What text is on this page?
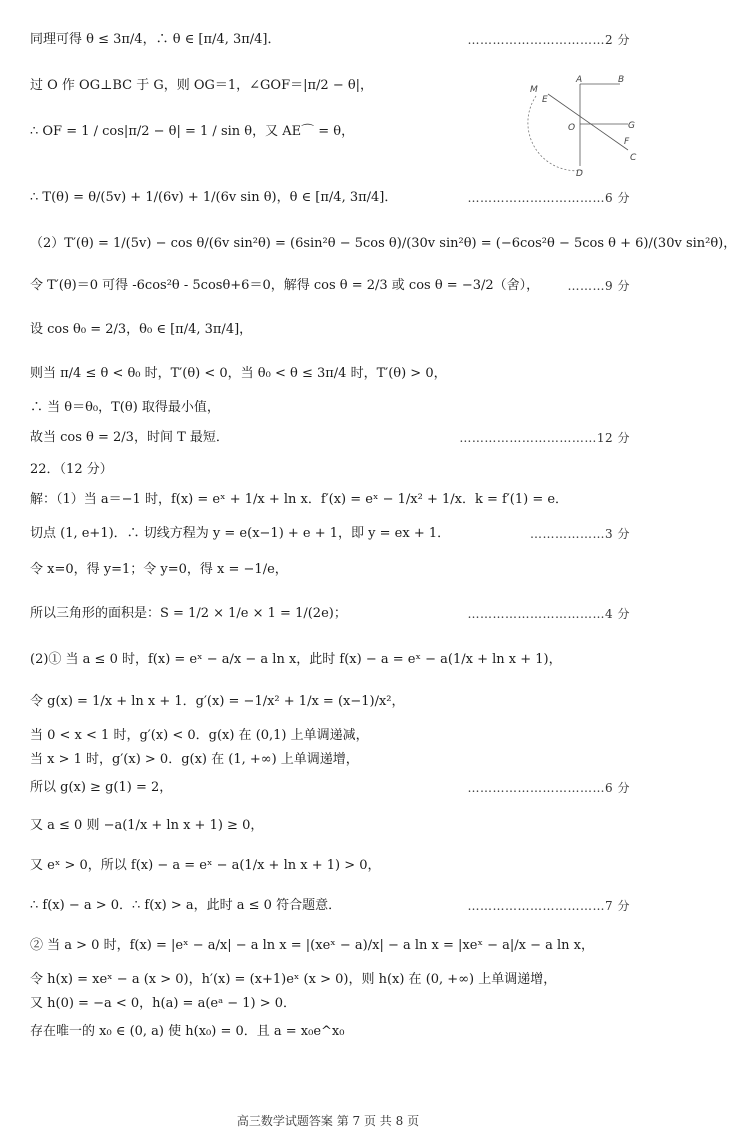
同理可得 θ ≤ 3π/4，∴ θ ∈ [π/4, 3π/4]．	……………………………2 分
过 O 作 OG⊥BC 于 G，则 OG＝1，∠GOF＝|π/2 − θ|，
∴ OF = 1 / cos|π/2 − θ| = 1 / sin θ，又 AE⌒ = θ，
∴ T(θ) = θ/(5v) + 1/(6v) + 1/(6v sin θ)，θ ∈ [π/4, 3π/4]．	……………………………6 分
（2）T′(θ) = 1/(5v) − cos θ/(6v sin²θ) = (6sin²θ − 5cos θ)/(30v sin²θ) = (−6cos²θ − 5cos θ + 6)/(30v sin²θ)，
令 T′(θ)＝0 可得 -6cos²θ - 5cosθ+6＝0，解得 cos θ = 2/3 或 cos θ = −3/2（舍）， ………9 分
设 cos θ₀ = 2/3，θ₀ ∈ [π/4, 3π/4]，
则当 π/4 ≤ θ < θ₀ 时，T′(θ) < 0，当 θ₀ < θ ≤ 3π/4 时，T′(θ) > 0，
∴ 当 θ＝θ₀，T(θ) 取得最小值，
故当 cos θ = 2/3，时间 T 最短．	……………………………12 分
22．（12 分）
解：（1）当 a＝−1 时，f(x) = eˣ + 1/x + ln x．f′(x) = eˣ − 1/x² + 1/x．k = f′(1) = e．
切点 (1, e+1)．∴ 切线方程为 y = e(x−1) + e + 1，即 y = ex + 1．	………………3 分
令 x=0，得 y=1；令 y=0，得 x = −1/e，
所以三角形的面积是：S = 1/2 × 1/e × 1 = 1/(2e)；	……………………………4 分
(2)① 当 a ≤ 0 时，f(x) = eˣ − a/x − a ln x，此时 f(x) − a = eˣ − a(1/x + ln x + 1)，
令 g(x) = 1/x + ln x + 1．g′(x) = −1/x² + 1/x = (x−1)/x²，
当 0 < x < 1 时，g′(x) < 0．g(x) 在 (0,1) 上单调递减，
当 x > 1 时，g′(x) > 0．g(x) 在 (1, +∞) 上单调递增，
所以 g(x) ≥ g(1) = 2，	……………………………6 分
又 a ≤ 0 则 −a(1/x + ln x + 1) ≥ 0，
又 eˣ > 0，所以 f(x) − a = eˣ − a(1/x + ln x + 1) > 0，
∴ f(x) − a > 0．∴ f(x) > a，此时 a ≤ 0 符合题意．	……………………………7 分
② 当 a > 0 时，f(x) = |eˣ − a/x| − a ln x = |(xeˣ − a)/x| − a ln x = |xeˣ − a|/x − a ln x，
令 h(x) = xeˣ − a (x > 0)，h′(x) = (x+1)eˣ (x > 0)，则 h(x) 在 (0, +∞) 上单调递增，
又 h(0) = −a < 0，h(a) = a(eᵃ − 1) > 0．
存在唯一的 x₀ ∈ (0, a) 使 h(x₀) = 0．且 a = x₀e^x₀
M
E
A	B
O	G
F
C
D
高三数学试题答案 第 7 页 共 8 页
